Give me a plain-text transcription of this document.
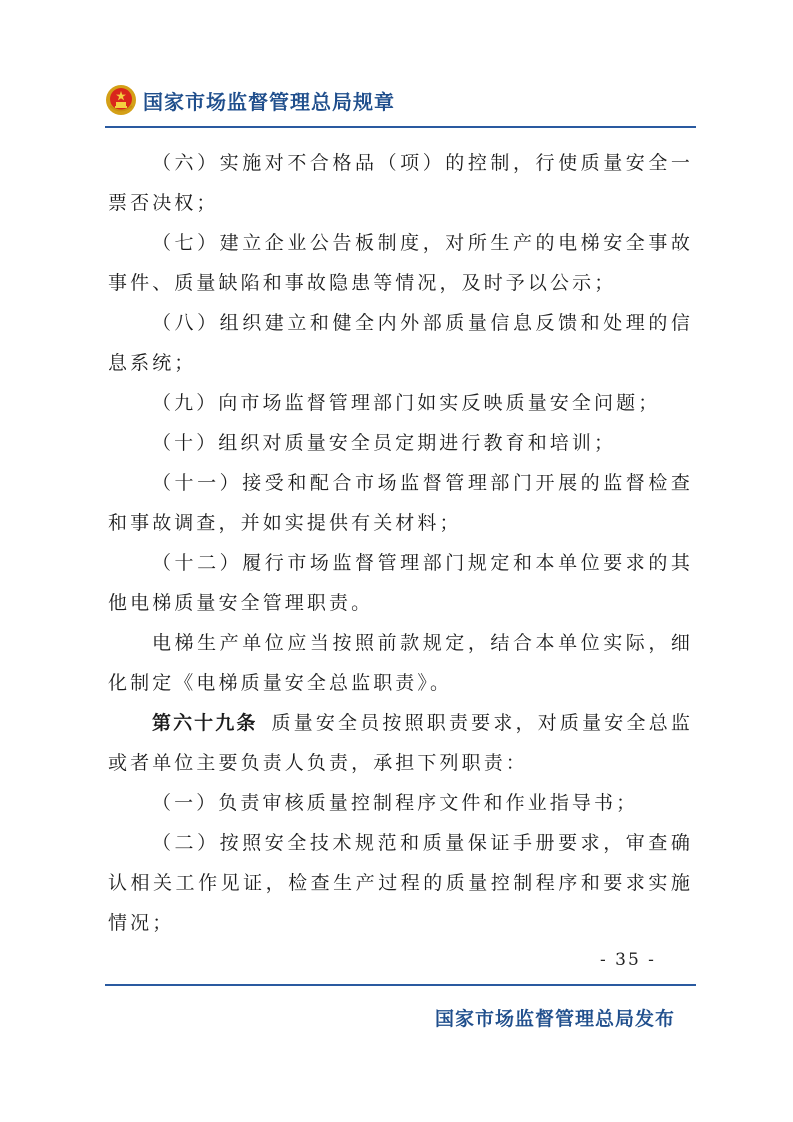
国家市场监督管理总局规章

（六）实施对不合格品（项）的控制，行使质量安全一票否决权；

（七）建立企业公告板制度，对所生产的电梯安全事故事件、质量缺陷和事故隐患等情况，及时予以公示；

（八）组织建立和健全内外部质量信息反馈和处理的信息系统；

（九）向市场监督管理部门如实反映质量安全问题；

（十）组织对质量安全员定期进行教育和培训；

（十一）接受和配合市场监督管理部门开展的监督检查和事故调查，并如实提供有关材料；

（十二）履行市场监督管理部门规定和本单位要求的其他电梯质量安全管理职责。

电梯生产单位应当按照前款规定，结合本单位实际，细化制定《电梯质量安全总监职责》。

第六十九条 质量安全员按照职责要求，对质量安全总监或者单位主要负责人负责，承担下列职责：

（一）负责审核质量控制程序文件和作业指导书；

（二）按照安全技术规范和质量保证手册要求，审查确认相关工作见证，检查生产过程的质量控制程序和要求实施情况；

- 35 -
国家市场监督管理总局发布
